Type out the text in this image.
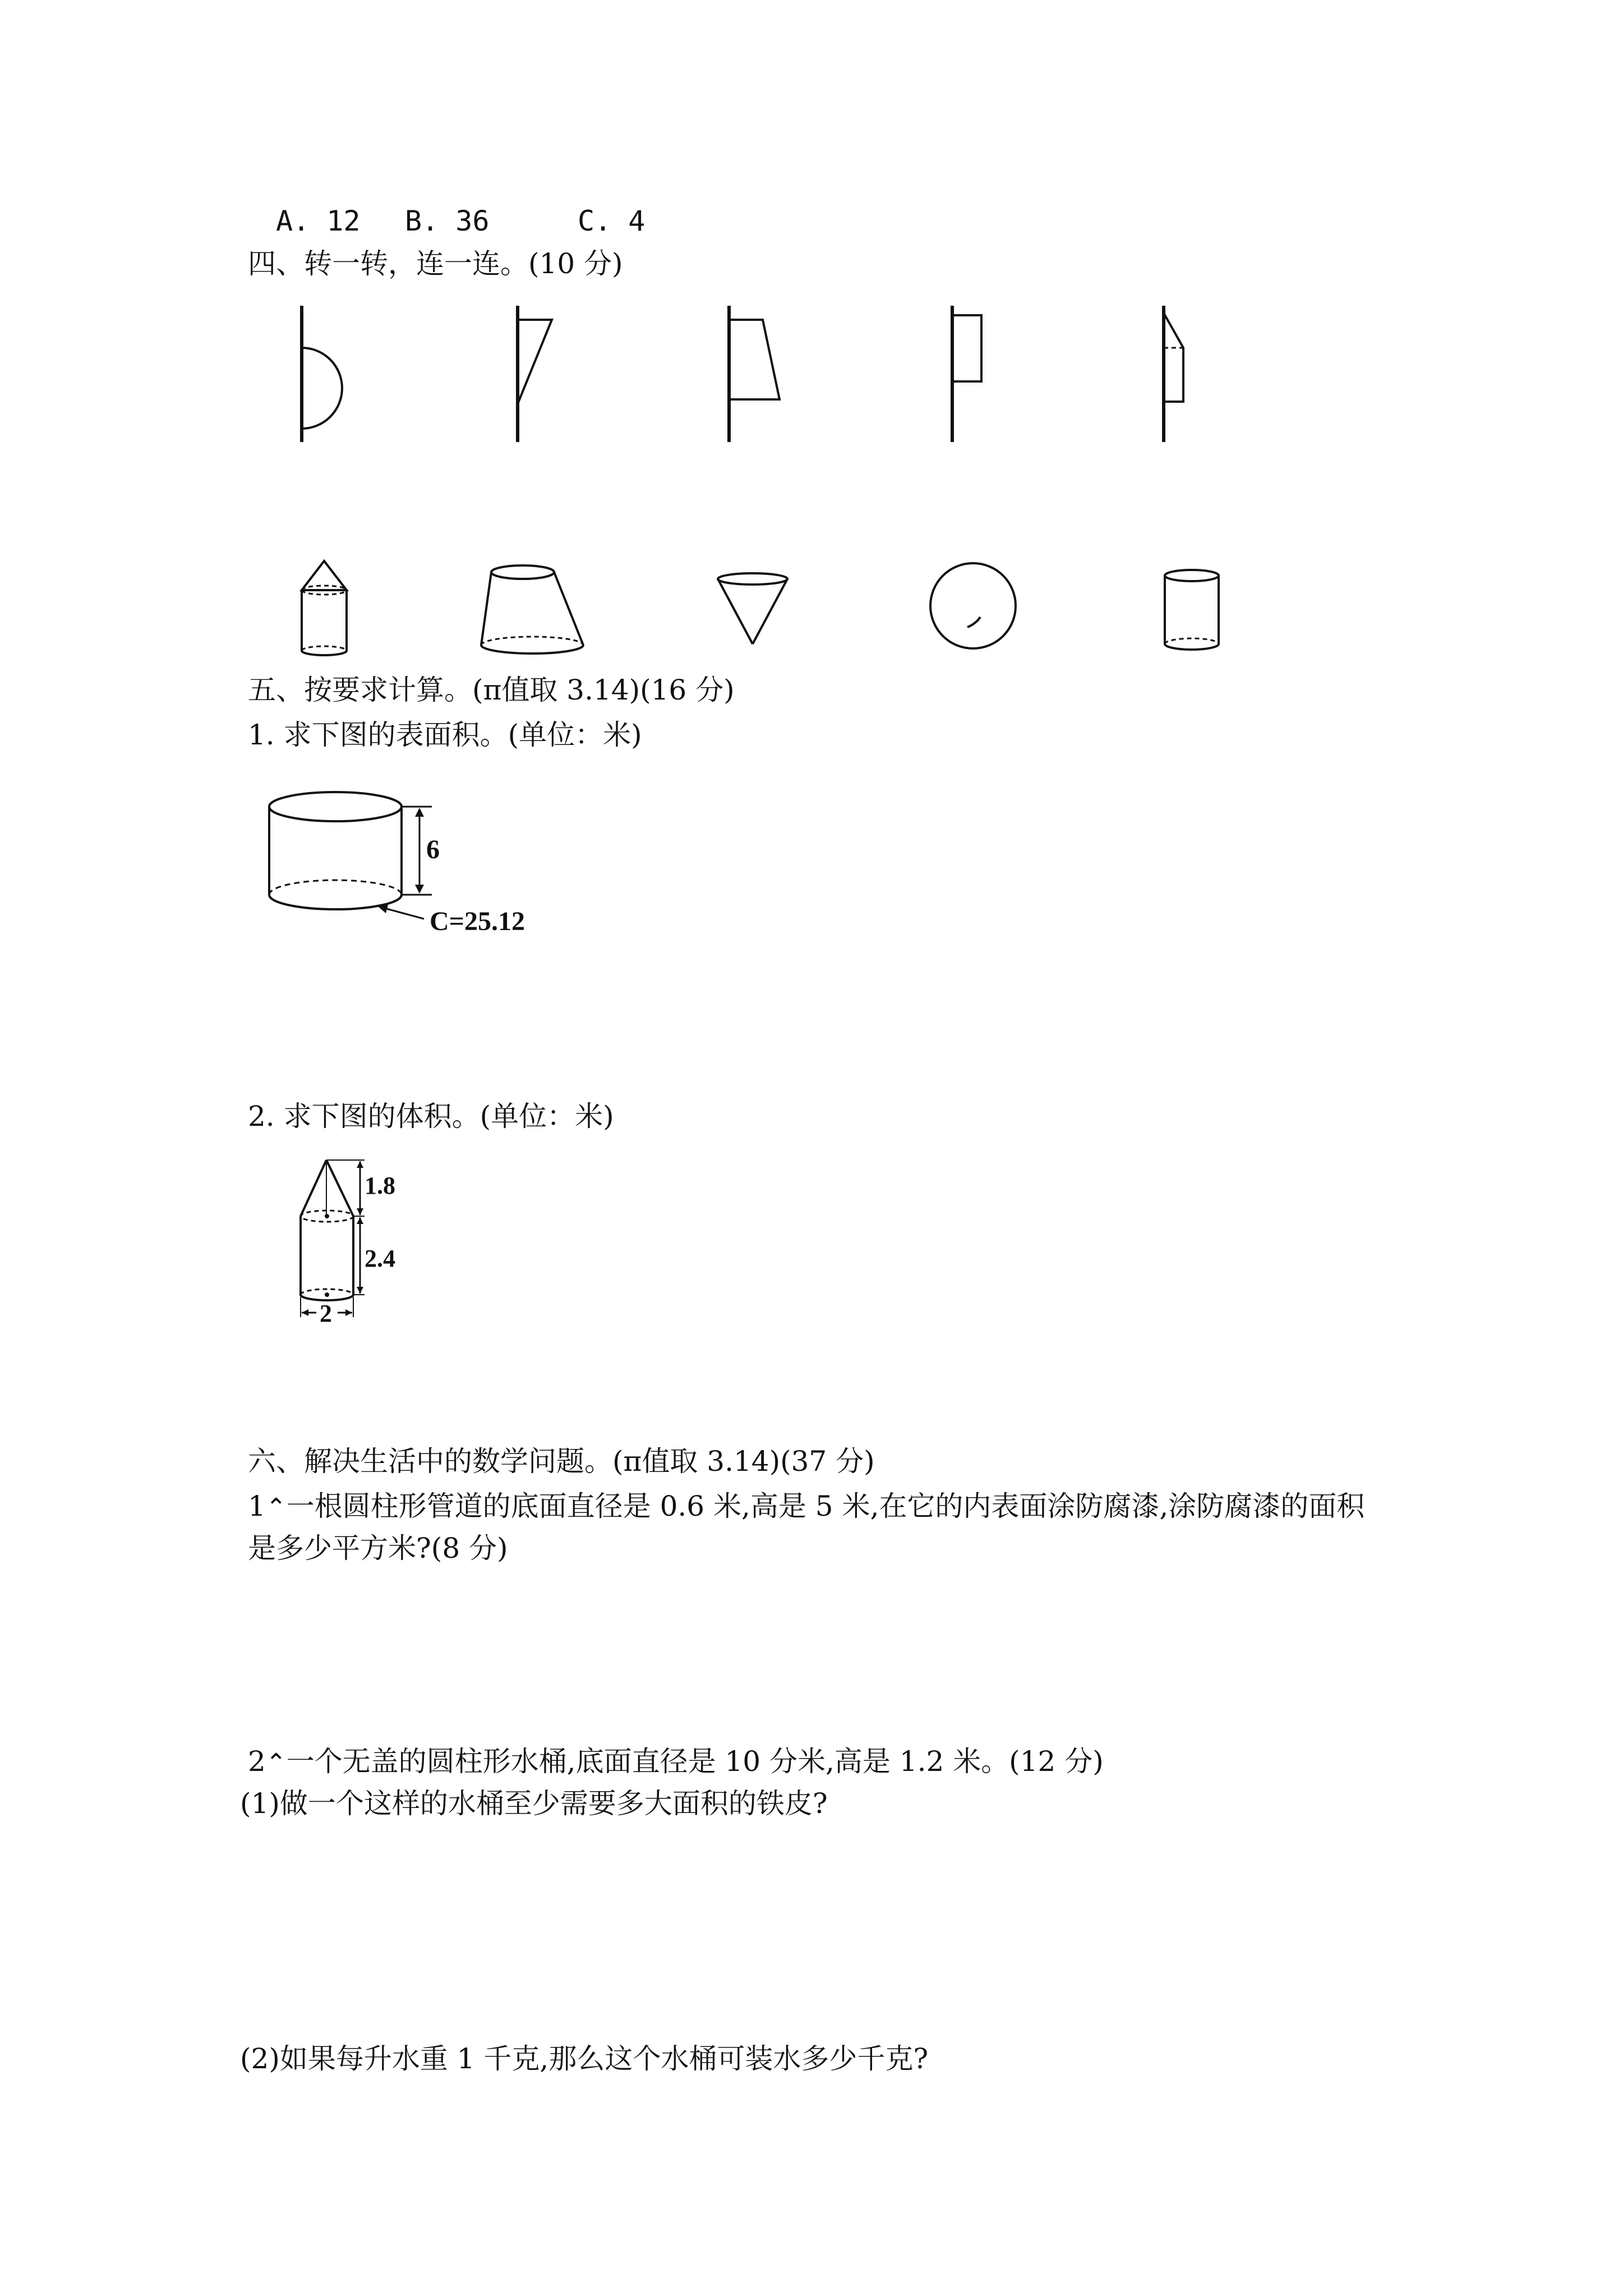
A. 12 B. 36	C. 4
四、转一转，连一连。(10 分)
五、按要求计算。(π值取 3.14)(16 分)
1. 求下图的表面积。(单位：米)
6
C=25.12
2. 求下图的体积。(单位：米)
1.8
2.4
2
六、解决生活中的数学问题。(π值取 3.14)(37 分)
1⌃一根圆柱形管道的底面直径是 0.6 米,高是 5 米,在它的内表面涂防腐漆,涂防腐漆的面积
是多少平方米?(8 分)
2⌃一个无盖的圆柱形水桶,底面直径是 10 分米,高是 1.2 米。(12 分)
(1)做一个这样的水桶至少需要多大面积的铁皮?
(2)如果每升水重 1 千克,那么这个水桶可装水多少千克?
